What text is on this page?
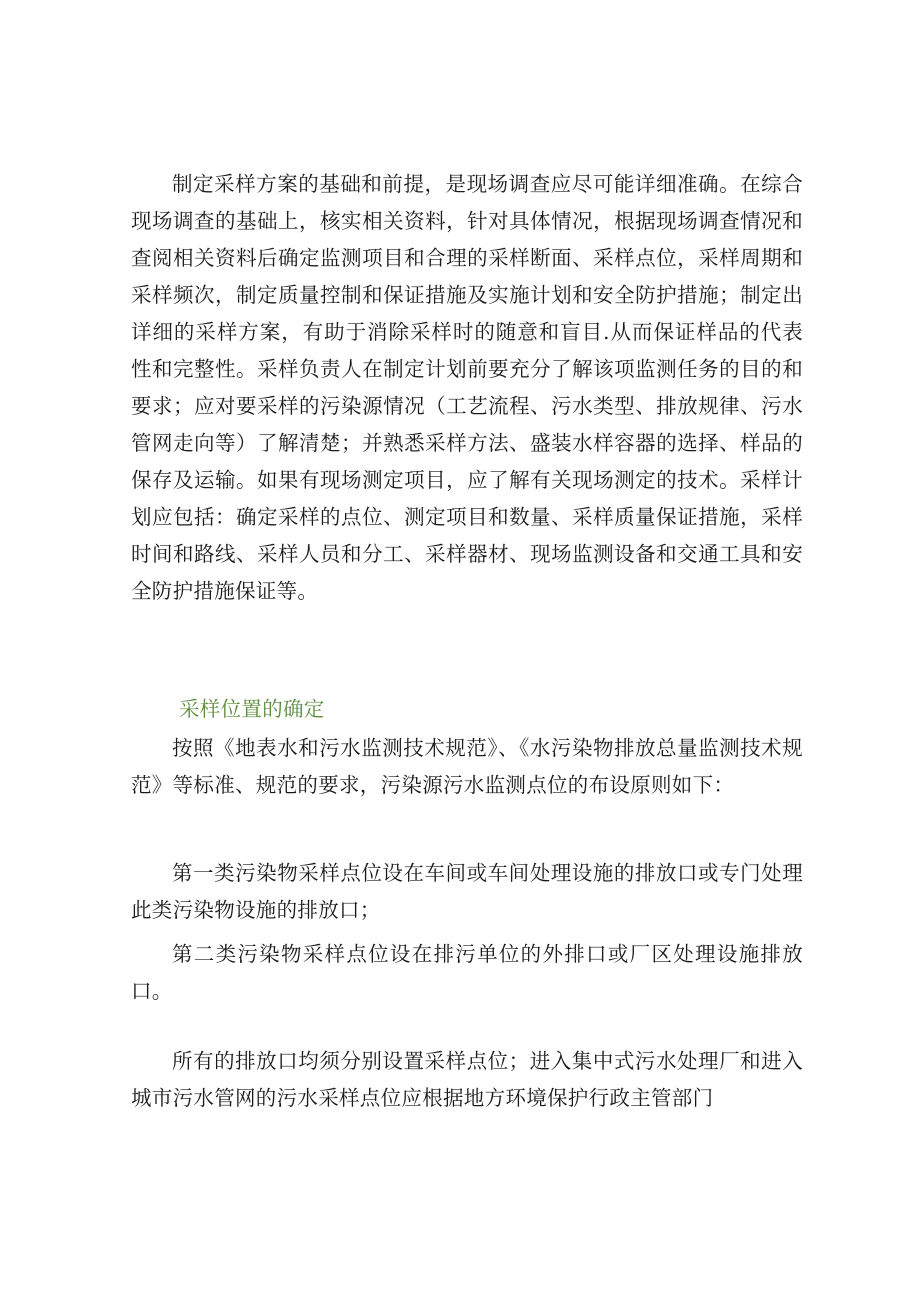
制定采样方案的基础和前提，是现场调查应尽可能详细准确。在综合现场调查的基础上，核实相关资料，针对具体情况，根据现场调查情况和查阅相关资料后确定监测项目和合理的采样断面、采样点位，采样周期和采样频次，制定质量控制和保证措施及实施计划和安全防护措施；制定出详细的采样方案，有助于消除采样时的随意和盲目.从而保证样品的代表性和完整性。采样负责人在制定计划前要充分了解该项监测任务的目的和要求；应对要采样的污染源情况（工艺流程、污水类型、排放规律、污水管网走向等）了解清楚；并熟悉采样方法、盛装水样容器的选择、样品的保存及运输。如果有现场测定项目，应了解有关现场测定的技术。采样计划应包括：确定采样的点位、测定项目和数量、采样质量保证措施，采样时间和路线、采样人员和分工、采样器材、现场监测设备和交通工具和安全防护措施保证等。

采样位置的确定

按照《地表水和污水监测技术规范》、《水污染物排放总量监测技术规范》等标准、规范的要求，污染源污水监测点位的布设原则如下：

第一类污染物采样点位设在车间或车间处理设施的排放口或专门处理此类污染物设施的排放口；

第二类污染物采样点位设在排污单位的外排口或厂区处理设施排放口。

所有的排放口均须分别设置采样点位；进入集中式污水处理厂和进入城市污水管网的污水采样点位应根据地方环境保护行政主管部门
